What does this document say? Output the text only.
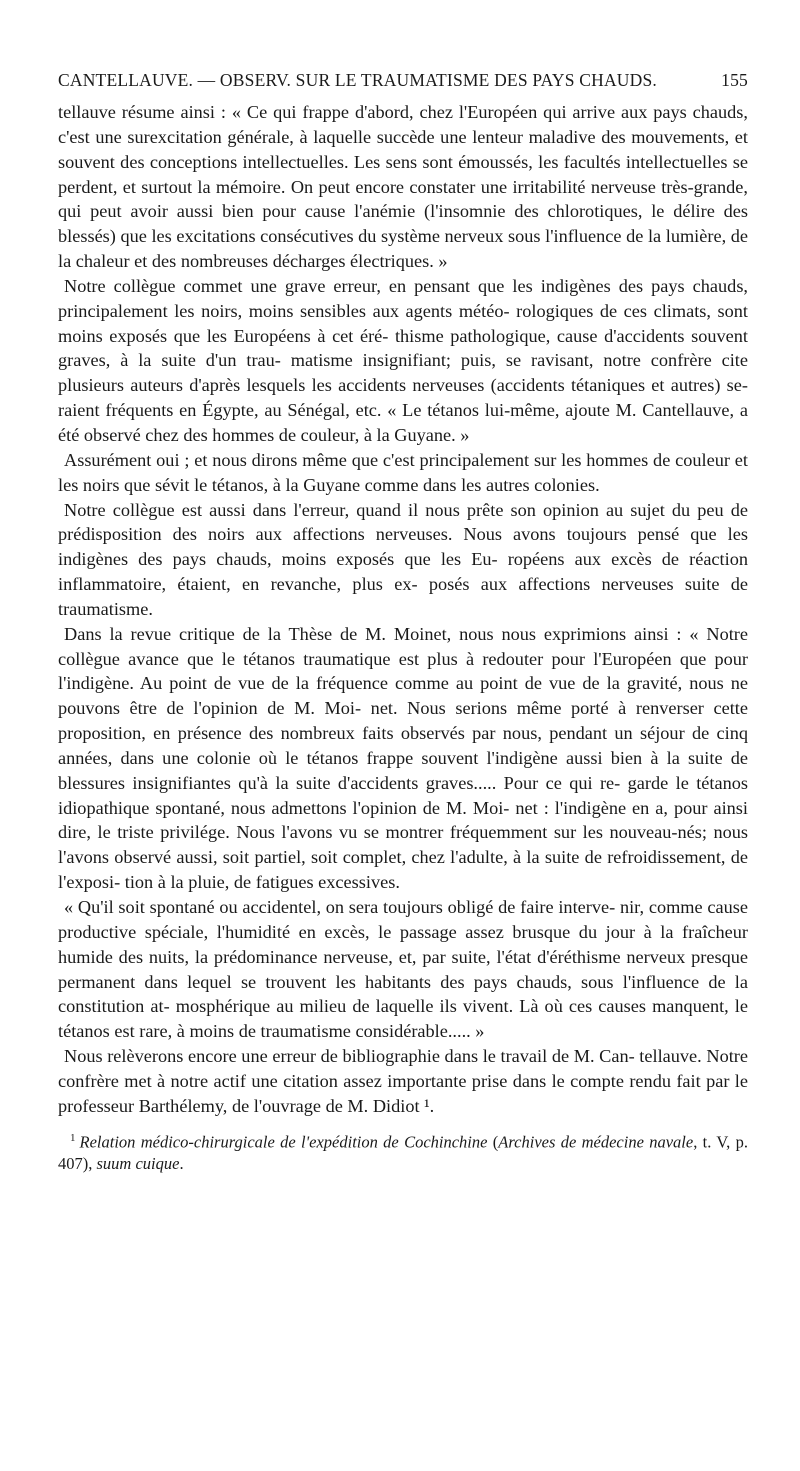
CANTELLAUVE. — OBSERV. SUR LE TRAUMATISME DES PAYS CHAUDS.	155

tellauve résume ainsi : « Ce qui frappe d'abord, chez l'Européen qui arrive aux pays chauds, c'est une surexcitation générale, à laquelle succède une lenteur maladive des mouvements, et souvent des conceptions intellectuelles. Les sens sont émoussés, les facultés intellectuelles se perdent, et surtout la mémoire. On peut encore constater une irritabilité nerveuse très-grande, qui peut avoir aussi bien pour cause l'anémie (l'insomnie des chlorotiques, le délire des blessés) que les excitations consécutives du système nerveux sous l'influence de la lumière, de la chaleur et des nombreuses décharges électriques. »

Notre collègue commet une grave erreur, en pensant que les indigènes des pays chauds, principalement les noirs, moins sensibles aux agents météo- rologiques de ces climats, sont moins exposés que les Européens à cet éré- thisme pathologique, cause d'accidents souvent graves, à la suite d'un trau- matisme insignifiant; puis, se ravisant, notre confrère cite plusieurs auteurs d'après lesquels les accidents nerveuses (accidents tétaniques et autres) se- raient fréquents en Égypte, au Sénégal, etc. « Le tétanos lui-même, ajoute M. Cantellauve, a été observé chez des hommes de couleur, à la Guyane. »

Assurément oui ; et nous dirons même que c'est principalement sur les hommes de couleur et les noirs que sévit le tétanos, à la Guyane comme dans les autres colonies.

Notre collègue est aussi dans l'erreur, quand il nous prête son opinion au sujet du peu de prédisposition des noirs aux affections nerveuses. Nous avons toujours pensé que les indigènes des pays chauds, moins exposés que les Eu- ropéens aux excès de réaction inflammatoire, étaient, en revanche, plus ex- posés aux affections nerveuses suite de traumatisme.

Dans la revue critique de la Thèse de M. Moinet, nous nous exprimions ainsi : « Notre collègue avance que le tétanos traumatique est plus à redouter pour l'Européen que pour l'indigène. Au point de vue de la fréquence comme au point de vue de la gravité, nous ne pouvons être de l'opinion de M. Moi- net. Nous serions même porté à renverser cette proposition, en présence des nombreux faits observés par nous, pendant un séjour de cinq années, dans une colonie où le tétanos frappe souvent l'indigène aussi bien à la suite de blessures insignifiantes qu'à la suite d'accidents graves..... Pour ce qui re- garde le tétanos idiopathique spontané, nous admettons l'opinion de M. Moi- net : l'indigène en a, pour ainsi dire, le triste privilége. Nous l'avons vu se montrer fréquemment sur les nouveau-nés; nous l'avons observé aussi, soit partiel, soit complet, chez l'adulte, à la suite de refroidissement, de l'exposi- tion à la pluie, de fatigues excessives.

« Qu'il soit spontané ou accidentel, on sera toujours obligé de faire interve- nir, comme cause productive spéciale, l'humidité en excès, le passage assez brusque du jour à la fraîcheur humide des nuits, la prédominance nerveuse, et, par suite, l'état d'éréthisme nerveux presque permanent dans lequel se trouvent les habitants des pays chauds, sous l'influence de la constitution at- mosphérique au milieu de laquelle ils vivent. Là où ces causes manquent, le tétanos est rare, à moins de traumatisme considérable..... »

Nous relèverons encore une erreur de bibliographie dans le travail de M. Can- tellauve. Notre confrère met à notre actif une citation assez importante prise dans le compte rendu fait par le professeur Barthélemy, de l'ouvrage de M. Didiot ¹.

$^1$ Relation médico-chirurgicale de l'expédition de Cochinchine (Archives de médecine navale, t. V, p. 407), suum cuique.
